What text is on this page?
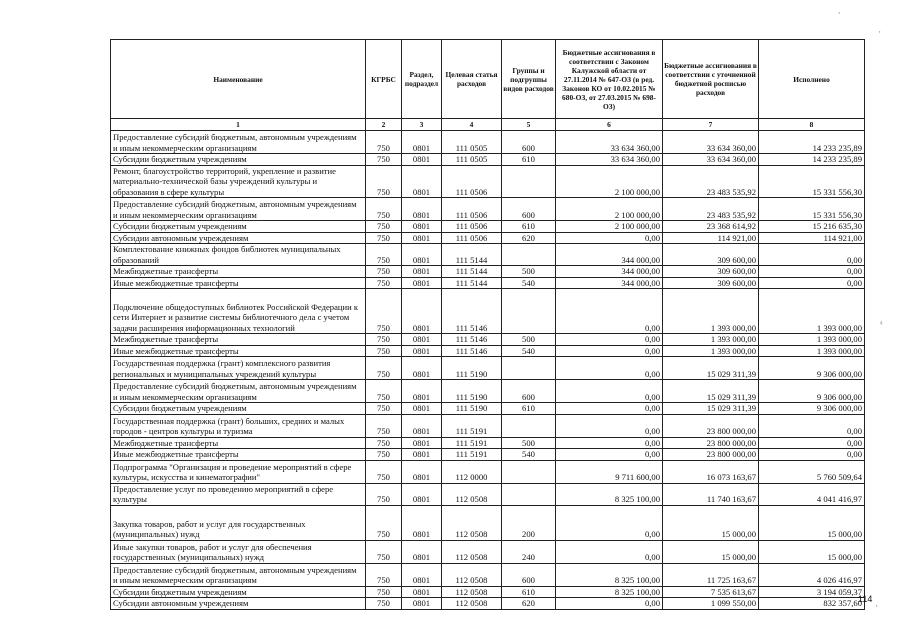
Наименование	КГРБС	Раздел, подраздел	Целевая статья расходов	Группы и подгруппы видов расходов	Бюджетные ассигнования в соответствии с Законом Калужской области от 27.11.2014 № 647-ОЗ (в ред. Законов КО от 10.02.2015 № 680-ОЗ, от 27.03.2015 № 698-ОЗ)	Бюджетные ассигнования в соответствии с уточненной бюджетной росписью расходов	Исполнено
1	2	3	4	5	6	7	8
Предоставление субсидий бюджетным, автономным учреждениям и иным некоммерческим организациям	750	0801	111 0505	600	33 634 360,00	33 634 360,00	14 233 235,89
Субсидии бюджетным учреждениям	750	0801	111 0505	610	33 634 360,00	33 634 360,00	14 233 235,89
Ремонт, благоустройство территорий, укрепление и развитие материально-технической базы учреждений культуры и образования в сфере культуры	750	0801	111 0506		2 100 000,00	23 483 535,92	15 331 556,30
Предоставление субсидий бюджетным, автономным учреждениям и иным некоммерческим организациям	750	0801	111 0506	600	2 100 000,00	23 483 535,92	15 331 556,30
Субсидии бюджетным учреждениям	750	0801	111 0506	610	2 100 000,00	23 368 614,92	15 216 635,30
Субсидии автономным учреждениям	750	0801	111 0506	620	0,00	114 921,00	114 921,00
Комплектование книжных фондов библиотек муниципальных образований	750	0801	111 5144		344 000,00	309 600,00	0,00
Межбюджетные трансферты	750	0801	111 5144	500	344 000,00	309 600,00	0,00
Иные межбюджетные трансферты	750	0801	111 5144	540	344 000,00	309 600,00	0,00
Подключение общедоступных библиотек Российской Федерации к сети Интернет и развитие системы библиотечного дела с учетом задачи расширения информационных технологий	750	0801	111 5146		0,00	1 393 000,00	1 393 000,00
Межбюджетные трансферты	750	0801	111 5146	500	0,00	1 393 000,00	1 393 000,00
Иные межбюджетные трансферты	750	0801	111 5146	540	0,00	1 393 000,00	1 393 000,00
Государственная поддержка (грант) комплексного развития региональных и муниципальных учреждений культуры	750	0801	111 5190		0,00	15 029 311,39	9 306 000,00
Предоставление субсидий бюджетным, автономным учреждениям и иным некоммерческим организациям	750	0801	111 5190	600	0,00	15 029 311,39	9 306 000,00
Субсидии бюджетным учреждениям	750	0801	111 5190	610	0,00	15 029 311,39	9 306 000,00
Государственная поддержка (грант) больших, средних и малых городов - центров культуры и туризма	750	0801	111 5191		0,00	23 800 000,00	0,00
Межбюджетные трансферты	750	0801	111 5191	500	0,00	23 800 000,00	0,00
Иные межбюджетные трансферты	750	0801	111 5191	540	0,00	23 800 000,00	0,00
Подпрограмма "Организация и проведение мероприятий в сфере культуры, искусства и кинематографии"	750	0801	112 0000		9 711 600,00	16 073 163,67	5 760 509,64
Предоставление услуг по проведению мероприятий в сфере культуры	750	0801	112 0508		8 325 100,00	11 740 163,67	4 041 416,97
Закупка товаров, работ и услуг для государственных (муниципальных) нужд	750	0801	112 0508	200	0,00	15 000,00	15 000,00
Иные закупки товаров, работ и услуг для обеспечения государственных (муниципальных) нужд	750	0801	112 0508	240	0,00	15 000,00	15 000,00
Предоставление субсидий бюджетным, автономным учреждениям и иным некоммерческим организациям	750	0801	112 0508	600	8 325 100,00	11 725 163,67	4 026 416,97
Субсидии бюджетным учреждениям	750	0801	112 0508	610	8 325 100,00	7 535 613,67	3 194 059,37
Субсидии автономным учреждениям	750	0801	112 0508	620	0,00	1 099 550,00	832 357,60
114
,
'
‹
'
